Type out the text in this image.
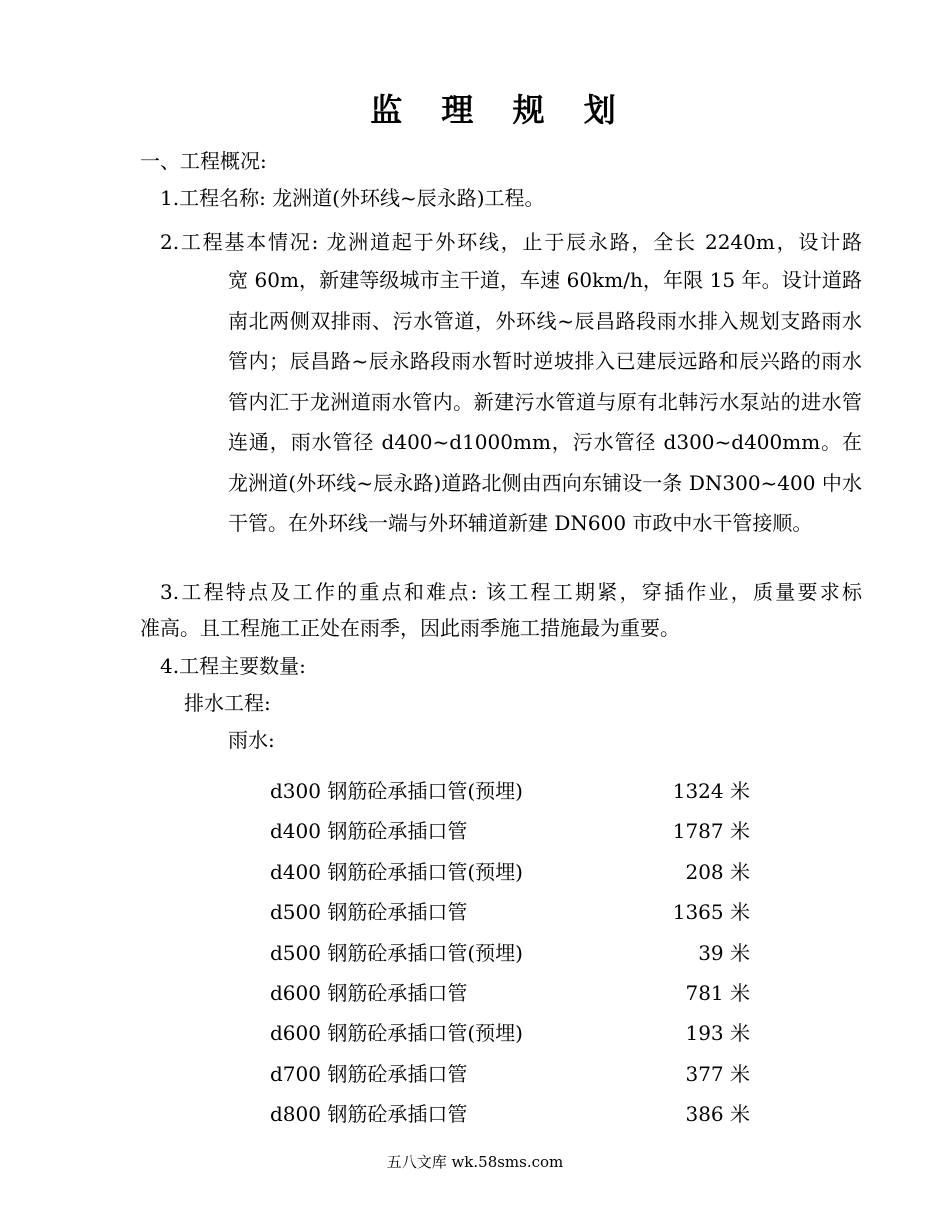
监 理 规 划
一、工程概况:
1.工程名称: 龙洲道(外环线~辰永路)工程。
2.工程基本情况: 龙洲道起于外环线，止于辰永路，全长 2240m，设计路
宽 60m，新建等级城市主干道，车速 60km/h，年限 15 年。设计道路南北两侧双排雨、污水管道，外环线~辰昌路段雨水排入规划支路雨水管内；辰昌路~辰永路段雨水暂时逆坡排入已建辰远路和辰兴路的雨水管内汇于龙洲道雨水管内。新建污水管道与原有北韩污水泵站的进水管连通，雨水管径 d400~d1000mm，污水管径 d300~d400mm。在龙洲道(外环线~辰永路)道路北侧由西向东铺设一条 DN300~400 中水干管。在外环线一端与外环辅道新建 DN600 市政中水干管接顺。
3.工程特点及工作的重点和难点: 该工程工期紧，穿插作业，质量要求标
准高。且工程施工正处在雨季，因此雨季施工措施最为重要。
4.工程主要数量:
排水工程:
雨水:
d300 钢筋砼承插口管(预埋)	1324 米
d400 钢筋砼承插口管	1787 米
d400 钢筋砼承插口管(预埋)	208 米
d500 钢筋砼承插口管	1365 米
d500 钢筋砼承插口管(预埋)	39 米
d600 钢筋砼承插口管	781 米
d600 钢筋砼承插口管(预埋)	193 米
d700 钢筋砼承插口管	377 米
d800 钢筋砼承插口管	386 米
五八文库 wk.58sms.com
